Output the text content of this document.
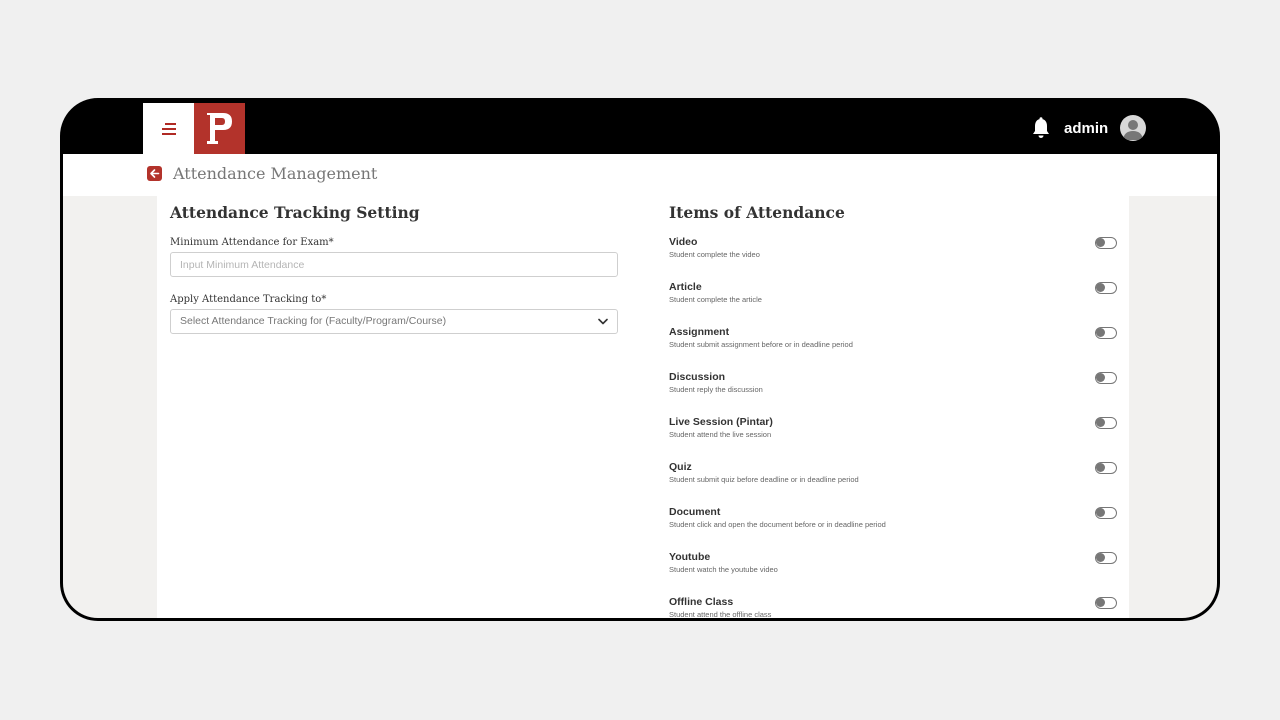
admin
Attendance Management
Attendance Tracking Setting
Minimum Attendance for Exam*
Input Minimum Attendance
Apply Attendance Tracking to*
Select Attendance Tracking for (Faculty/Program/Course)
Items of Attendance
Video
Student complete the video
Article
Student complete the article
Assignment
Student submit assignment before or in deadline period
Discussion
Student reply the discussion
Live Session (Pintar)
Student attend the live session
Quiz
Student submit quiz before deadline or in deadline period
Document
Student click and open the document before or in deadline period
Youtube
Student watch the youtube video
Offline Class
Student attend the offline class
